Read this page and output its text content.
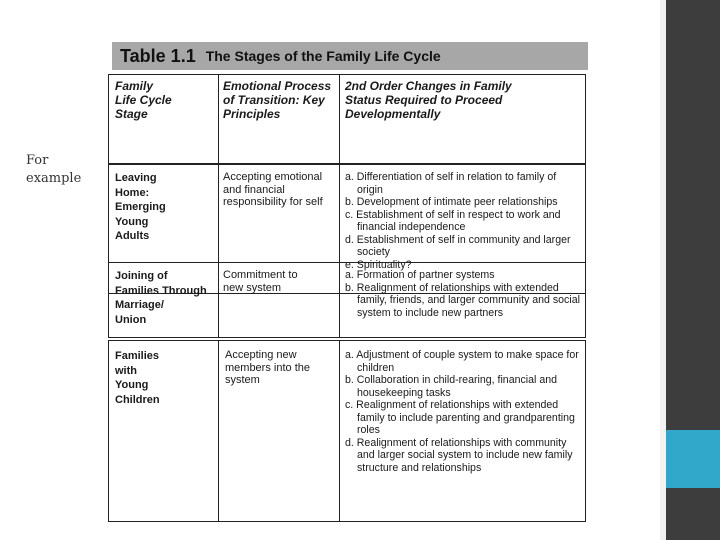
For
example
Table 1.1 The Stages of the Family Life Cycle
Family
Life Cycle
Stage
Emotional Process
of Transition: Key
Principles
2nd Order Changes in Family
Status Required to Proceed
Developmentally
Leaving
Home:
Emerging
Young
Adults
Accepting emotional
and financial
responsibility for self
a. Differentiation of self in relation to family of origin
b. Development of intimate peer relationships
c. Establishment of self in respect to work and financial independence
d. Establishment of self in community and larger society
e. Spirituality?
Joining of
Families Through
Marriage/
Union
Commitment to
new system
a. Formation of partner systems
b. Realignment of relationships with extended family, friends, and larger community and social system to include new partners
Families
with
Young
Children
Accepting new
members into the
system
a. Adjustment of couple system to make space for children
b. Collaboration in child-rearing, financial and housekeeping tasks
c. Realignment of relationships with extended family to include parenting and grandparenting roles
d. Realignment of relationships with community and larger social system to include new family structure and relationships
